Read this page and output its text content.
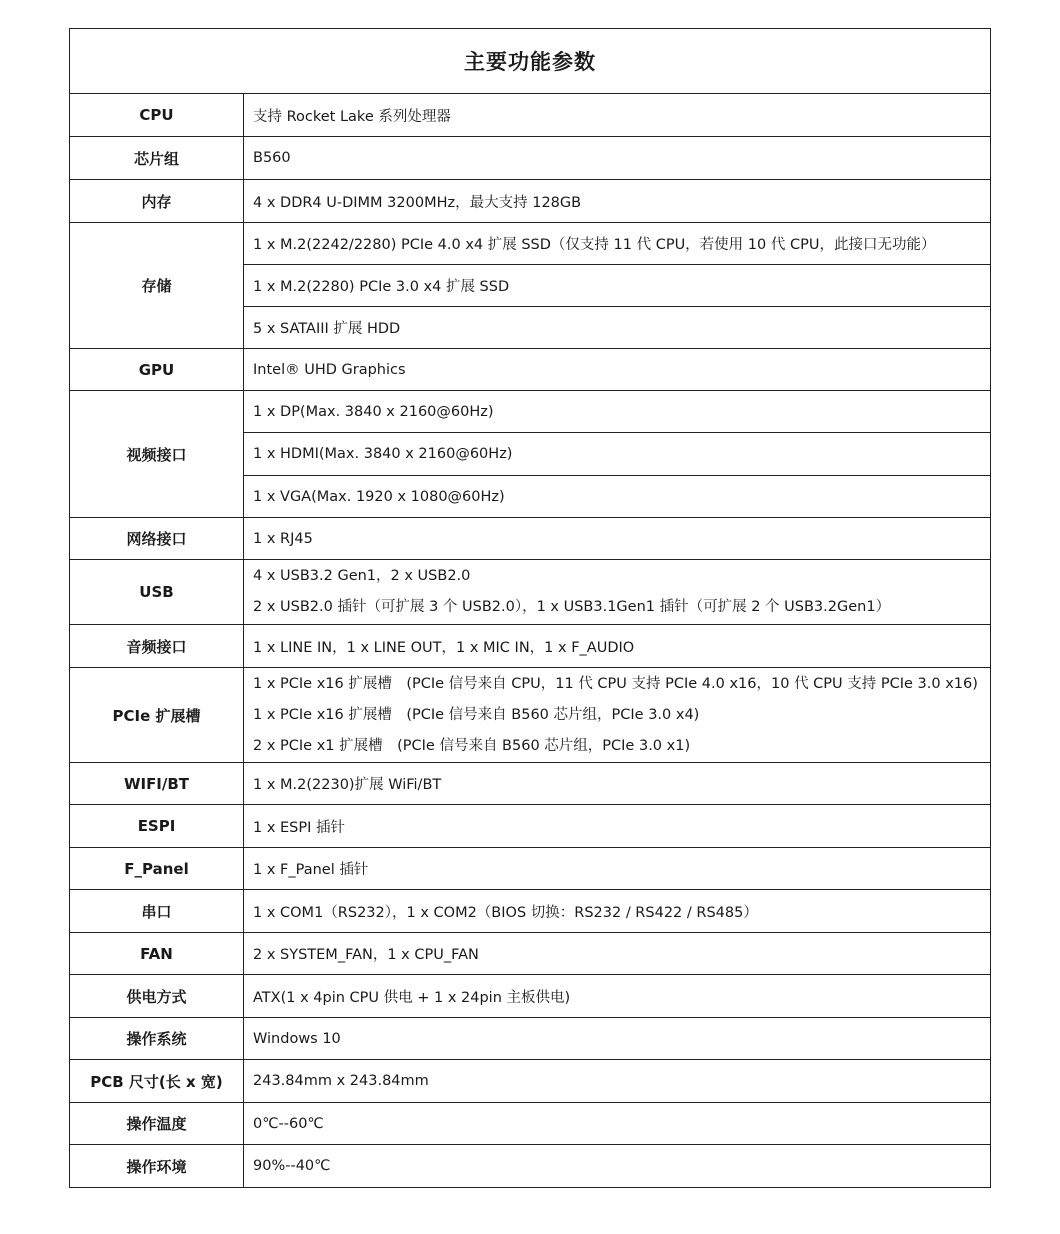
主要功能参数	
CPU	支持 Rocket Lake 系列处理器
芯片组	B560
内存	4 x DDR4 U-DIMM 3200MHz，最大支持 128GB
存储	1 x M.2(2242/2280) PCIe 4.0 x4 扩展 SSD（仅支持 11 代 CPU，若使用 10 代 CPU，此接口无功能）
	1 x M.2(2280) PCIe 3.0 x4 扩展 SSD
	5 x SATAIII 扩展 HDD
GPU	Intel® UHD Graphics
视频接口	1 x DP(Max. 3840 x 2160@60Hz)
	1 x HDMI(Max. 3840 x 2160@60Hz)
	1 x VGA(Max. 1920 x 1080@60Hz)
网络接口	1 x RJ45
USB	4 x USB3.2 Gen1，2 x USB2.0
2 x USB2.0 插针（可扩展 3 个 USB2.0），1 x USB3.1Gen1 插针（可扩展 2 个 USB3.2Gen1）

音频接口	1 x LINE IN，1 x LINE OUT，1 x MIC IN，1 x F_AUDIO
PCIe 扩展槽	1 x PCIe x16 扩展槽　(PCIe 信号来自 CPU，11 代 CPU 支持 PCIe 4.0 x16，10 代 CPU 支持 PCIe 3.0 x16)
1 x PCIe x16 扩展槽　(PCIe 信号来自 B560 芯片组，PCIe 3.0 x4)
2 x PCIe x1 扩展槽　(PCIe 信号来自 B560 芯片组，PCIe 3.0 x1)

WIFI/BT	1 x M.2(2230)扩展 WiFi/BT
ESPI	1 x ESPI 插针
F_Panel	1 x F_Panel 插针
串口	1 x COM1（RS232），1 x COM2（BIOS 切换：RS232 / RS422 / RS485）
FAN	2 x SYSTEM_FAN，1 x CPU_FAN
供电方式	ATX(1 x 4pin CPU 供电 + 1 x 24pin 主板供电)
操作系统	Windows 10
PCB 尺寸(长 x 宽)	243.84mm x 243.84mm
操作温度	0℃--60℃
操作环境	90%--40℃
